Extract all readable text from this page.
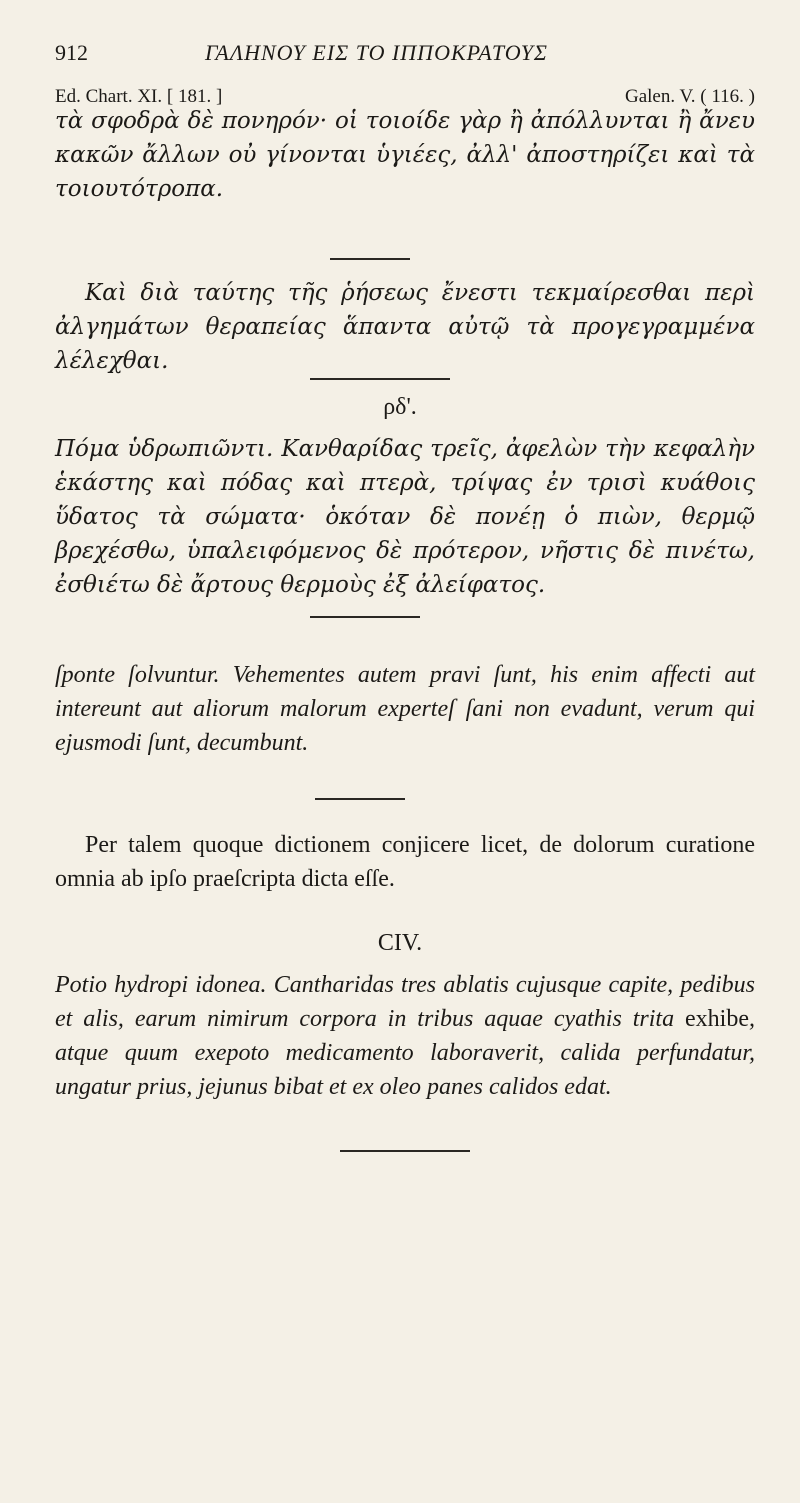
912	ΓΑΛΗΝΟΥ ΕΙΣ ΤΟ ΙΠΠΟΚΡΑΤΟΥΣ
Ed. Chart. XI. [ 181. ]	Galen. V. ( 116. )

τὰ σφοδρὰ δὲ πονηρόν· οἱ τοιοίδε γὰρ ἢ ἀπόλλυνται ἢ ἄνευ κακῶν ἄλλων οὐ γίνονται ὑγιέες, ἀλλ' ἀποστηρίζει καὶ τὰ τοιουτότροπα.

Καὶ διὰ ταύτης τῆς ῥήσεως ἔνεστι τεκμαίρεσθαι περὶ ἀλγημάτων θεραπείας ἅπαντα αὐτῷ τὰ προγεγραμμένα λέλεχθαι.

ρδ'.

Πόμα ὑδρωπιῶντι. Κανθαρίδας τρεῖς, ἀφελὼν τὴν κεφαλὴν ἑκάστης καὶ πόδας καὶ πτερὰ, τρίψας ἐν τρισὶ κυάθοις ὕδατος τὰ σώματα· ὁκόταν δὲ πονέῃ ὁ πιὼν, θερμῷ βρεχέσθω, ὑπαλειφόμενος δὲ πρότερον, νῆστις δὲ πινέτω, ἐσθιέτω δὲ ἄρτους θερμοὺς ἐξ ἀλείφατος.

ſponte ſolvuntur. Vehementes autem pravi ſunt, his enim affecti aut intereunt aut aliorum malorum experteſ ſani non evadunt, verum qui ejusmodi ſunt, decumbunt.

Per talem quoque dictionem conjicere licet, de dolorum curatione omnia ab ipſo praeſcripta dicta eſſe.

CIV.

Potio hydropi idonea. Cantharidas tres ablatis cujusque capite, pedibus et alis, earum nimirum corpora in tribus aquae cyathis trita exhibe, atque quum exepoto medicamento laboraverit, calida perfundatur, ungatur prius, jejunus bibat et ex oleo panes calidos edat.
